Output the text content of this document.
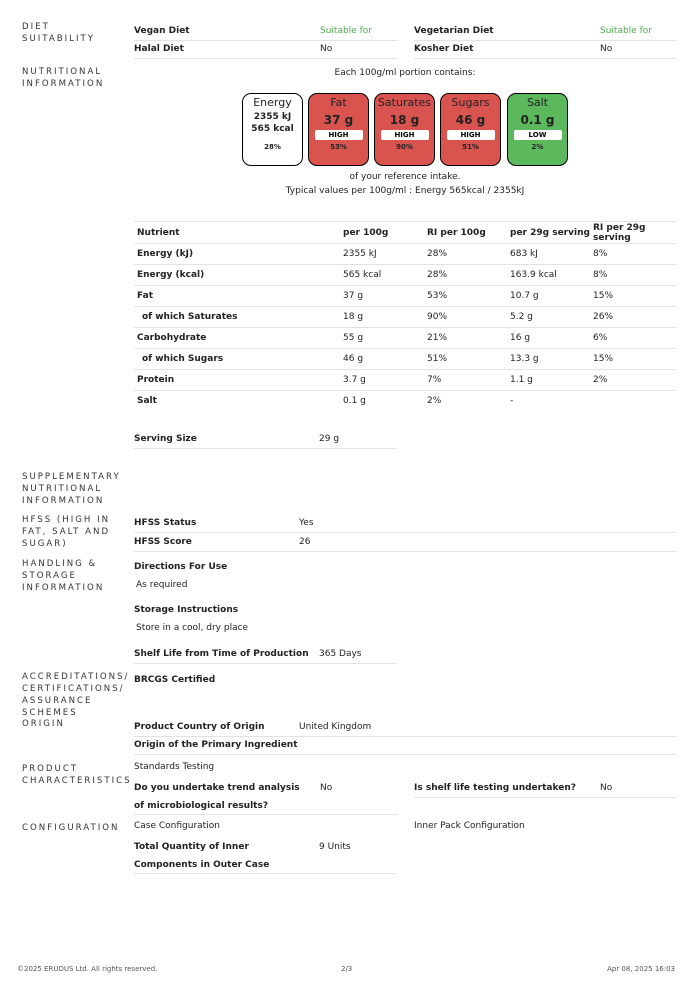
DIET SUITABILITY
Vegan Diet	Suitable for	Vegetarian Diet	Suitable for
Halal Diet	No	Kosher Diet	No
NUTRITIONAL INFORMATION
Each 100g/ml portion contains:
Energy
2355 kJ
565 kcal
28%
Fat
37 g
HIGH
53%
Saturates
18 g
HIGH
90%
Sugars
46 g
HIGH
51%
Salt
0.1 g
LOW
2%
of your reference intake.
Typical values per 100g/ml : Energy 565kcal / 2355kJ
Nutrient	per 100g	RI per 100g	per 29g serving	RI per 29g serving
Energy (kJ)	2355 kJ	28%	683 kJ	8%
Energy (kcal)	565 kcal	28%	163.9 kcal	8%
Fat	37 g	53%	10.7 g	15%
of which Saturates	18 g	90%	5.2 g	26%
Carbohydrate	55 g	21%	16 g	6%
of which Sugars	46 g	51%	13.3 g	15%
Protein	3.7 g	7%	1.1 g	2%
Salt	0.1 g	2%	-	
Serving Size	29 g
SUPPLEMENTARY NUTRITIONAL INFORMATION
HFSS (HIGH IN FAT, SALT AND SUGAR)
HFSS Status	Yes
HFSS Score	26
HANDLING & STORAGE INFORMATION
Directions For Use
As required
Storage Instructions
Store in a cool, dry place
Shelf Life from Time of Production 365 Days
ACCREDITATIONS/ CERTIFICATIONS/ ASSURANCE SCHEMES
BRCGS Certified
ORIGIN	Product Country of Origin	United Kingdom
Origin of the Primary Ingredient
PRODUCT CHARACTERISTICS
Standards Testing
Do you undertake trend analysis of microbiological results?
No	Is shelf life testing undertaken?	No
CONFIGURATION Case Configuration	Inner Pack Configuration
Total Quantity of Inner Components in Outer Case
9 Units
©2025 ERUDUS Ltd. All rights reserved.	2/3	Apr 08, 2025 16:03
